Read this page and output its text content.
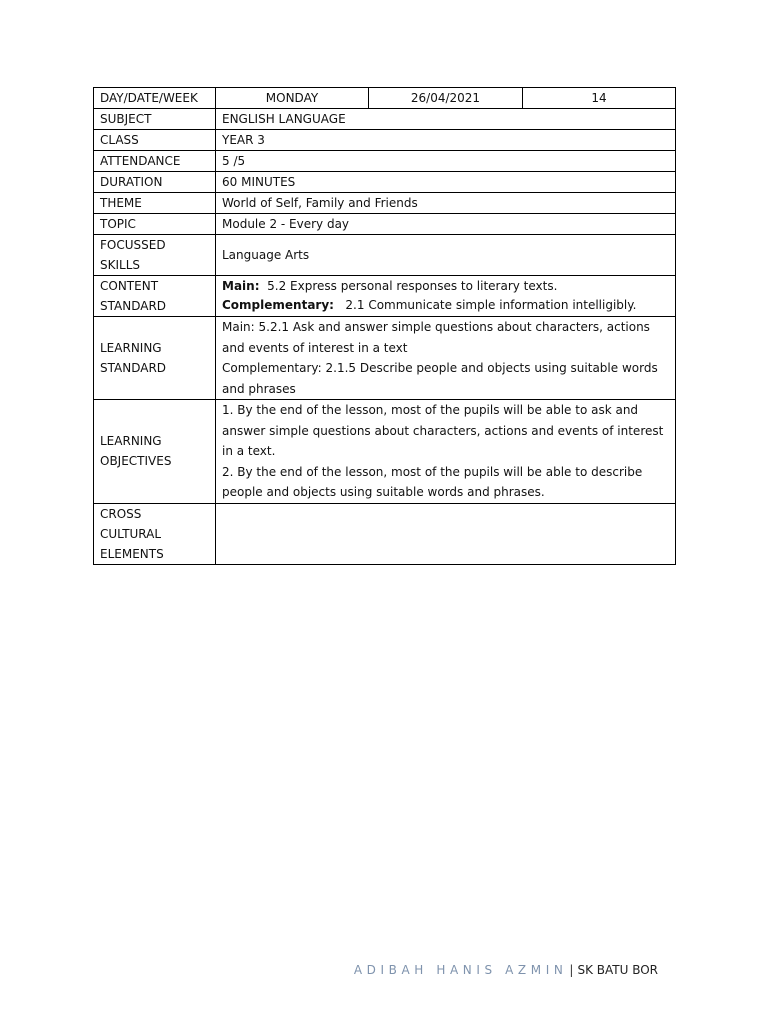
DAY/DATE/WEEK	MONDAY	26/04/2021	14
SUBJECT	ENGLISH LANGUAGE		
CLASS	YEAR 3		
ATTENDANCE	5 /5		
DURATION	60 MINUTES		
THEME	World of Self, Family and Friends		
TOPIC	Module 2 - Every day		

FOCUSSED
SKILLS	Language Arts		

CONTENT
STANDARD	Main: 5.2 Express personal responses to literary texts.
Complementary: 2.1 Communicate simple information intelligibly.		

LEARNING
STANDARD	Main: 5.2.1 Ask and answer simple questions about characters, actions and events of interest in a text
Complementary: 2.1.5 Describe people and objects using suitable words and phrases		

LEARNING
OBJECTIVES	1. By the end of the lesson, most of the pupils will be able to ask and answer simple questions about characters, actions and events of interest in a text.
2. By the end of the lesson, most of the pupils will be able to describe people and objects using suitable words and phrases.		

CROSS
CULTURAL
ELEMENTS			

ADIBAH HANIS AZMIN | SK BATU BOR
